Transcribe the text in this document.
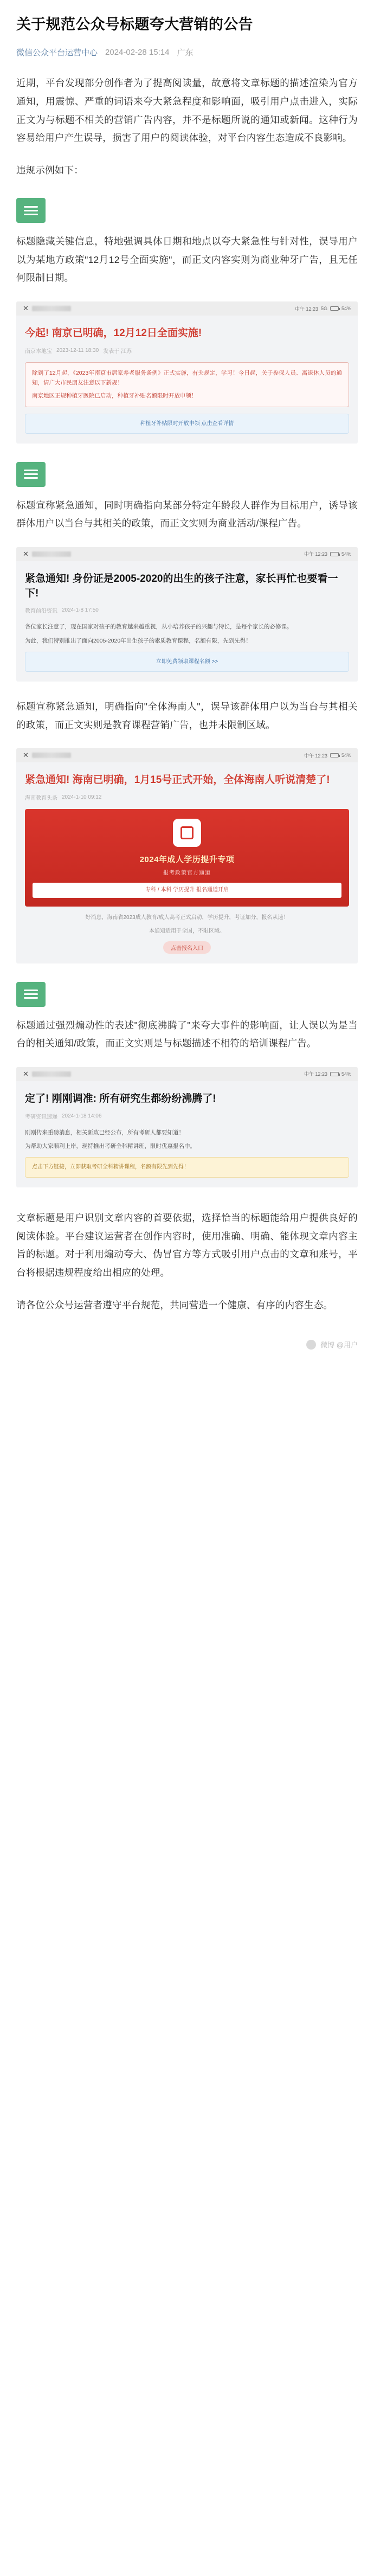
关于规范公众号标题夸大营销的公告
微信公众平台运营中心 2024-02-28 15:14 广东

近期，平台发现部分创作者为了提高阅读量，故意将文章标题的描述渲染为官方通知，用震惊、严重的词语来夸大紧急程度和影响面，吸引用户点击进入，实际正文为与标题不相关的营销广告内容，并不是标题所说的通知或新闻。这种行为容易给用户产生误导，损害了用户的阅读体验，对平台内容生态造成不良影响。

违规示例如下：

标题隐藏关键信息，特地强调具体日期和地点以夸大紧急性与针对性，误导用户以为某地方政策"12月12号全面实施"，而正文内容实则为商业种牙广告，且无任何限制日期。

✕	中午 12:23 5G	54%
今起! 南京已明确，12月12日全面实施!
南京本地宝 2023-12-11 18:30 发表于 江苏

除到了12月起，《2023年南京市居家养老服务条例》正式实施，有关规定，学习！今日起，关于参保人员、离退休人员的通知，请广大市民朋友注意以下新规！

南京地区正规种植牙医院已启动，种植牙补贴名额限时开放申领！

种植牙补贴限时开放申领 点击查看详情

标题宣称紧急通知，同时明确指向某部分特定年龄段人群作为目标用户，诱导该群体用户以当台与其相关的政策，而正文实则为商业活动/课程广告。

✕	中午 12:23	54%
紧急通知! 身份证是2005-2020的出生的孩子注意，家长再忙也要看一下!
教育前沿资讯 2024-1-8 17:50

各位家长注意了，现在国家对孩子的教育越来越重视，从小培养孩子的兴趣与特长，是每个家长的必修课。

为此，我们特别推出了面向2005-2020年出生孩子的素质教育课程，名额有限，先到先得！

立即免费领取课程名额 >>

标题宣称紧急通知，明确指向"全体海南人"，误导该群体用户以为当台与其相关的政策，而正文实则是教育课程营销广告，也并未限制区域。

✕	中午 12:23	54%
紧急通知! 海南已明确，1月15号正式开始，全体海南人听说清楚了!
海南教育头条 2024-1-10 09:12
2024年成人学历提升专项
报考政策官方通道
专科 / 本科 学历提升 报名通道开启
好消息，海南省2023成人教育/成人高考正式启动，学历提升，考证加分，报名从速！
本通知适用于全国，不限区域。
点击报名入口

标题通过强烈煽动性的表述"彻底沸腾了"来夸大事件的影响面，让人误以为是当台的相关通知/政策，而正文实则是与标题描述不相符的培训课程广告。

✕	中午 12:23	54%
定了! 刚刚调准: 所有研究生都纷纷沸腾了!
考研资讯速递 2024-1-18 14:06

刚刚传来重磅消息，相关新政已经公布，所有考研人都要知道！

为帮助大家顺利上岸，现特推出考研全科精讲班，限时优惠报名中。

点击下方链接，立即获取考研全科精讲课程，名额有限先到先得！

文章标题是用户识别文章内容的首要依据，选择恰当的标题能给用户提供良好的阅读体验。平台建议运营者在创作内容时，使用准确、明确、能体现文章内容主旨的标题。对于利用煽动夸大、伪冒官方等方式吸引用户点击的文章和账号，平台将根据违规程度给出相应的处理。

请各位公众号运营者遵守平台规范，共同营造一个健康、有序的内容生态。

微博 @用户
